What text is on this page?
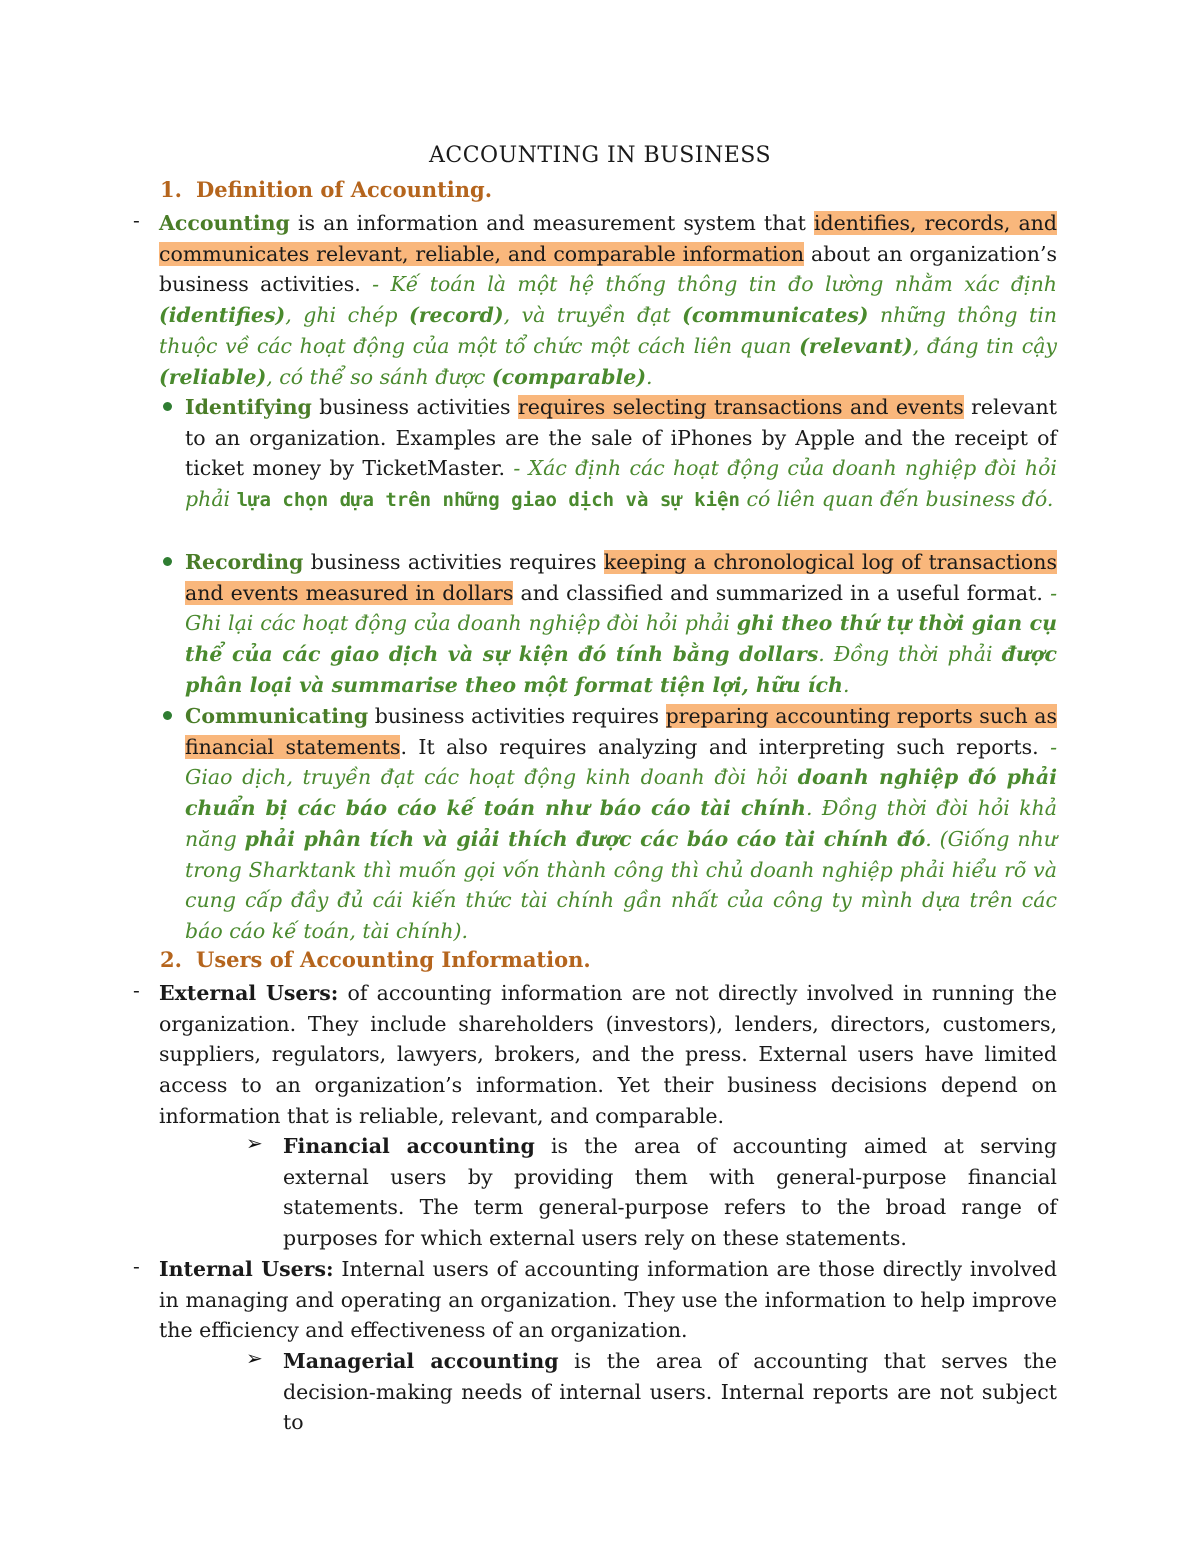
ACCOUNTING IN BUSINESS
1. Definition of Accounting.
- Accounting is an information and measurement system that identifies, records, and communicates relevant, reliable, and comparable information about an organization’s business activities. - Kế toán là một hệ thống thông tin đo lường nhằm xác định (identifies), ghi chép (record), và truyền đạt (communicates) những thông tin thuộc về các hoạt động của một tổ chức một cách liên quan (relevant), đáng tin cậy (reliable), có thể so sánh được (comparable).
Identifying business activities requires selecting transactions and events relevant to an organization. Examples are the sale of iPhones by Apple and the receipt of ticket money by TicketMaster. - Xác định các hoạt động của doanh nghiệp đòi hỏi phải lựa chọn dựa trên những giao dịch và sự kiện có liên quan đến business đó.
Recording business activities requires keeping a chronological log of transactions and events measured in dollars and classified and summarized in a useful format. - Ghi lại các hoạt động của doanh nghiệp đòi hỏi phải ghi theo thứ tự thời gian cụ thể của các giao dịch và sự kiện đó tính bằng dollars. Đồng thời phải được phân loại và summarise theo một format tiện lợi, hữu ích.
Communicating business activities requires preparing accounting reports such as financial statements. It also requires analyzing and interpreting such reports. - Giao dịch, truyền đạt các hoạt động kinh doanh đòi hỏi doanh nghiệp đó phải chuẩn bị các báo cáo kế toán như báo cáo tài chính. Đồng thời đòi hỏi khả năng phải phân tích và giải thích được các báo cáo tài chính đó. (Giống như trong Sharktank thì muốn gọi vốn thành công thì chủ doanh nghiệp phải hiểu rõ và cung cấp đầy đủ cái kiến thức tài chính gần nhất của công ty mình dựa trên các báo cáo kế toán, tài chính).
2. Users of Accounting Information.
- External Users: of accounting information are not directly involved in running the organization. They include shareholders (investors), lenders, directors, customers, suppliers, regulators, lawyers, brokers, and the press. External users have limited access to an organization’s information. Yet their business decisions depend on information that is reliable, relevant, and comparable.
➢ Financial accounting is the area of accounting aimed at serving external users by providing them with general-purpose financial statements. The term general-purpose refers to the broad range of purposes for which external users rely on these statements.
- Internal Users: Internal users of accounting information are those directly involved in managing and operating an organization. They use the information to help improve the efficiency and effectiveness of an organization.
➢ Managerial accounting is the area of accounting that serves the decision-making needs of internal users. Internal reports are not subject to
